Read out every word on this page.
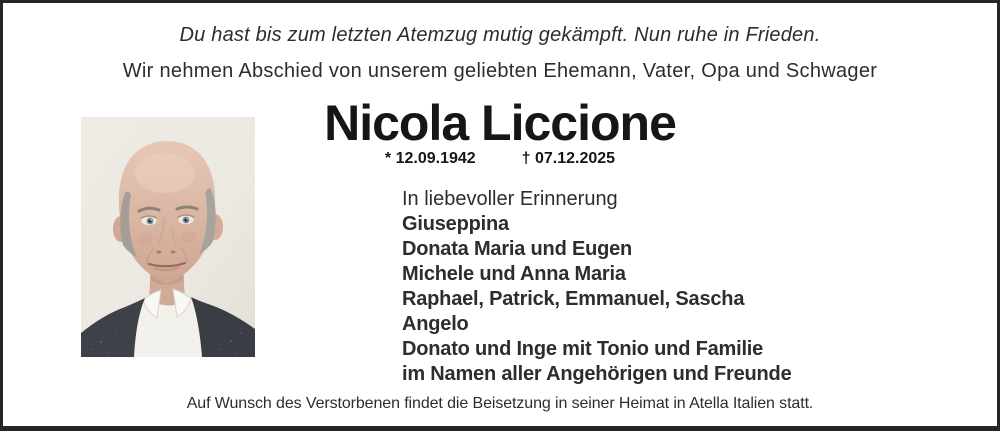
Du hast bis zum letzten Atemzug mutig gekämpft. Nun ruhe in Frieden.
Wir nehmen Abschied von unserem geliebten Ehemann, Vater, Opa und Schwager
Nicola Liccione
* 12.09.1942	† 07.12.2025
In liebevoller Erinnerung
Giuseppina
Donata Maria und Eugen
Michele und Anna Maria
Raphael, Patrick, Emmanuel, Sascha
Angelo
Donato und Inge mit Tonio und Familie
im Namen aller Angehörigen und Freunde
Auf Wunsch des Verstorbenen findet die Beisetzung in seiner Heimat in Atella Italien statt.
